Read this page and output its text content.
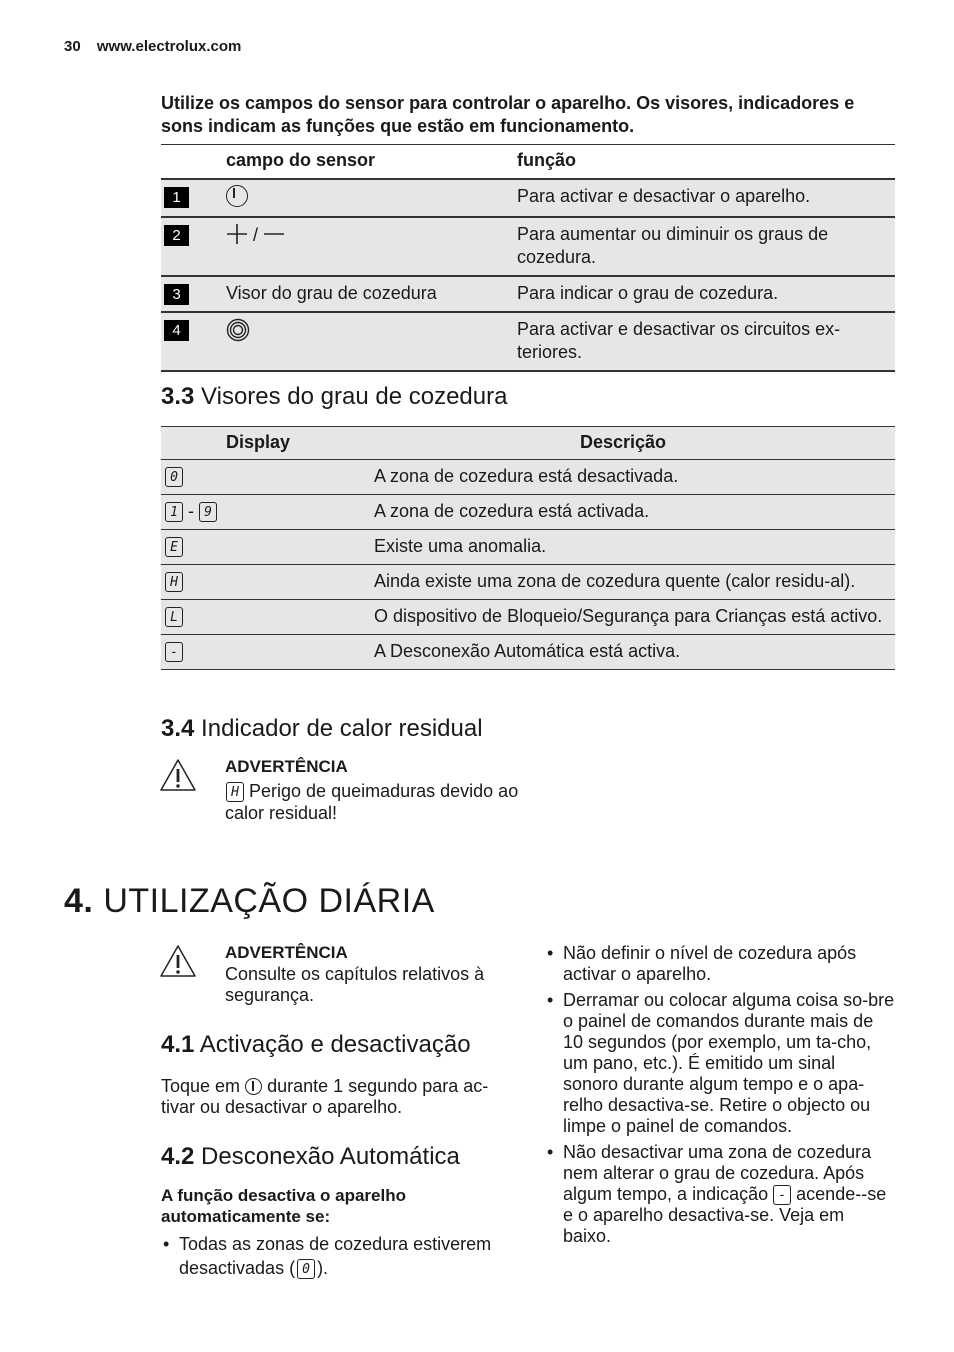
30 www.electrolux.com
Utilize os campos do sensor para controlar o aparelho. Os visores, indicadores e sons indicam as funções que estão em funcionamento.
	campo do sensor	função
1		Para activar e desactivar o aparelho.
2	/	Para aumentar ou diminuir os graus de cozedura.
3	Visor do grau de cozedura	Para indicar o grau de cozedura.
4		Para activar e desactivar os circuitos ex-teriores.
3.3 Visores do grau de cozedura
Display	Descrição
0	A zona de cozedura está desactivada.
1 - 9	A zona de cozedura está activada.
E	Existe uma anomalia.
H	Ainda existe uma zona de cozedura quente (calor residu-al).
L	O dispositivo de Bloqueio/Segurança para Crianças está activo.
-	A Desconexão Automática está activa.
3.4 Indicador de calor residual
ADVERTÊNCIA
H Perigo de queimaduras devido ao calor residual!
4. UTILIZAÇÃO DIÁRIA
ADVERTÊNCIA
Consulte os capítulos relativos à segurança.
4.1 Activação e desactivação
Toque em durante 1 segundo para ac-tivar ou desactivar o aparelho.
4.2 Desconexão Automática
A função desactiva o aparelho automaticamente se:
• Todas as zonas de cozedura estiverem desactivadas ( 0 ).
• Não definir o nível de cozedura após activar o aparelho.
• Derramar ou colocar alguma coisa so-bre o painel de comandos durante mais de 10 segundos (por exemplo, um ta-cho, um pano, etc.). É emitido um sinal sonoro durante algum tempo e o apa-relho desactiva-se. Retire o objecto ou limpe o painel de comandos.
• Não desactivar uma zona de cozedura nem alterar o grau de cozedura. Após algum tempo, a indicação - acende--se e o aparelho desactiva-se. Veja em baixo.
